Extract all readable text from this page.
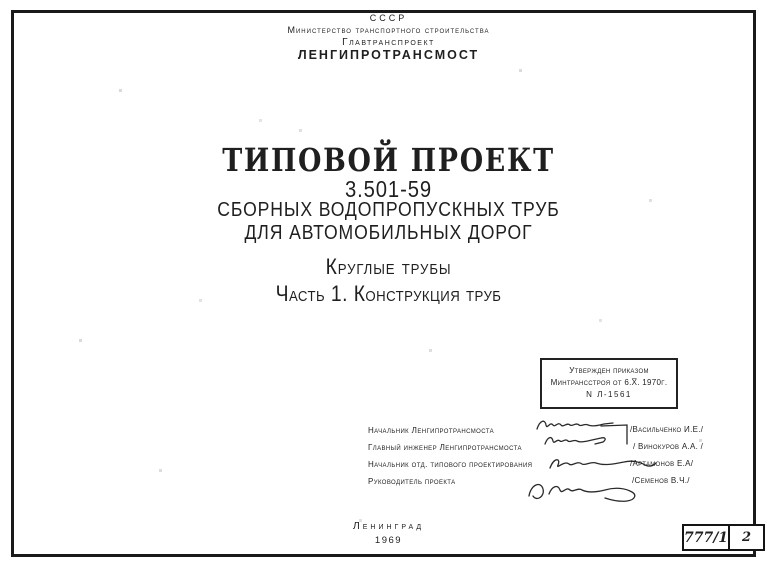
СССР
Министерство транспортного строительства
Главтранспроект
ЛЕНГИПРОТРАНСМОСТ
ТИПОВОЙ ПРОЕКТ
3.501-59
СБОРНЫХ ВОДОПРОПУСКНЫХ ТРУБ
ДЛЯ АВТОМОБИЛЬНЫХ ДОРОГ
Круглые трубы
Часть 1. Конструкция труб
Утвержден приказом
Минтрансстроя от 6.X̅. 1970г.
N Л-1561
Начальник Ленгипротрансмоста
Главный инженер Ленгипротрансмоста
Начальник отд. типового проектирования
Руководитель проекта
/Васильченко И.Е./
/ Винокуров А.А. /
/Артамонов Е.А/
/Семенов В.Ч./
Ленинград
1969	777/1	2
